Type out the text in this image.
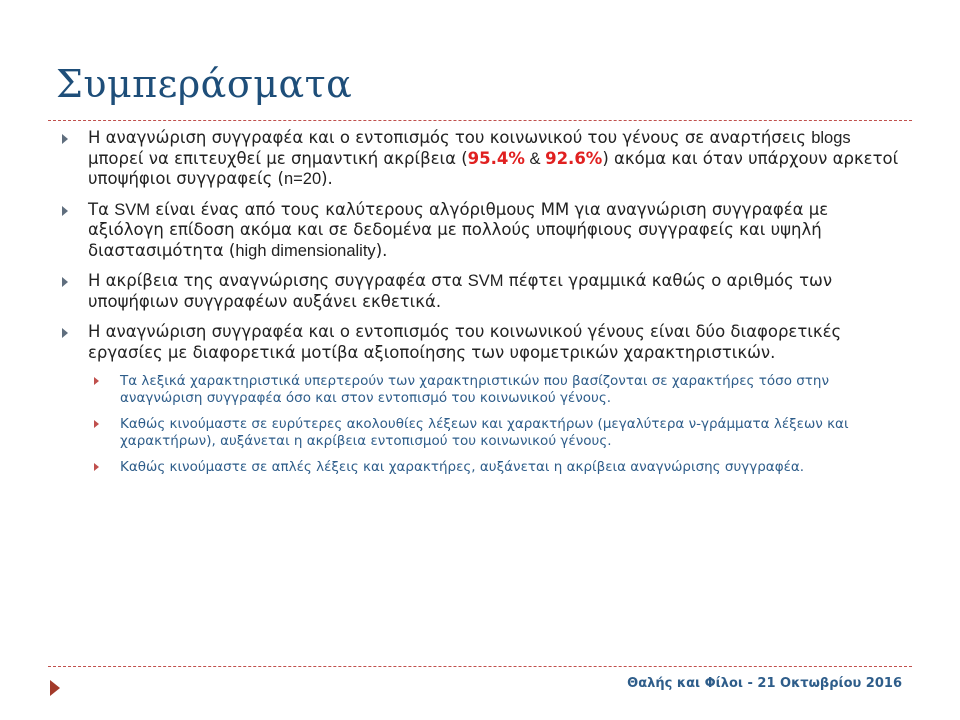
Συμπεράσματα
Η αναγνώριση συγγραφέα και ο εντοπισμός του κοινωνικού του γένους σε αναρτήσεις blogs μπορεί να επιτευχθεί με σημαντική ακρίβεια (95.4% & 92.6%) ακόμα και όταν υπάρχουν αρκετοί υποψήφιοι συγγραφείς (n=20).
Τα SVM είναι ένας από τους καλύτερους αλγόριθμους ΜΜ για αναγνώριση συγγραφέα με αξιόλογη επίδοση ακόμα και σε δεδομένα με πολλούς υποψήφιους συγγραφείς και υψηλή διαστασιμότητα (high dimensionality).
Η ακρίβεια της αναγνώρισης συγγραφέα στα SVM πέφτει γραμμικά καθώς ο αριθμός των υποψήφιων συγγραφέων αυξάνει εκθετικά.
Η αναγνώριση συγγραφέα και ο εντοπισμός του κοινωνικού γένους είναι δύο διαφορετικές εργασίες με διαφορετικά μοτίβα αξιοποίησης των υφομετρικών χαρακτηριστικών.
Τα λεξικά χαρακτηριστικά υπερτερούν των χαρακτηριστικών που βασίζονται σε χαρακτήρες τόσο στην αναγνώριση συγγραφέα όσο και στον εντοπισμό του κοινωνικού γένους.
Καθώς κινούμαστε σε ευρύτερες ακολουθίες λέξεων και χαρακτήρων (μεγαλύτερα ν-γράμματα λέξεων και χαρακτήρων), αυξάνεται η ακρίβεια εντοπισμού του κοινωνικού γένους.
Καθώς κινούμαστε σε απλές λέξεις και χαρακτήρες, αυξάνεται η ακρίβεια αναγνώρισης συγγραφέα.
Θαλής και Φίλοι - 21 Οκτωβρίου 2016
